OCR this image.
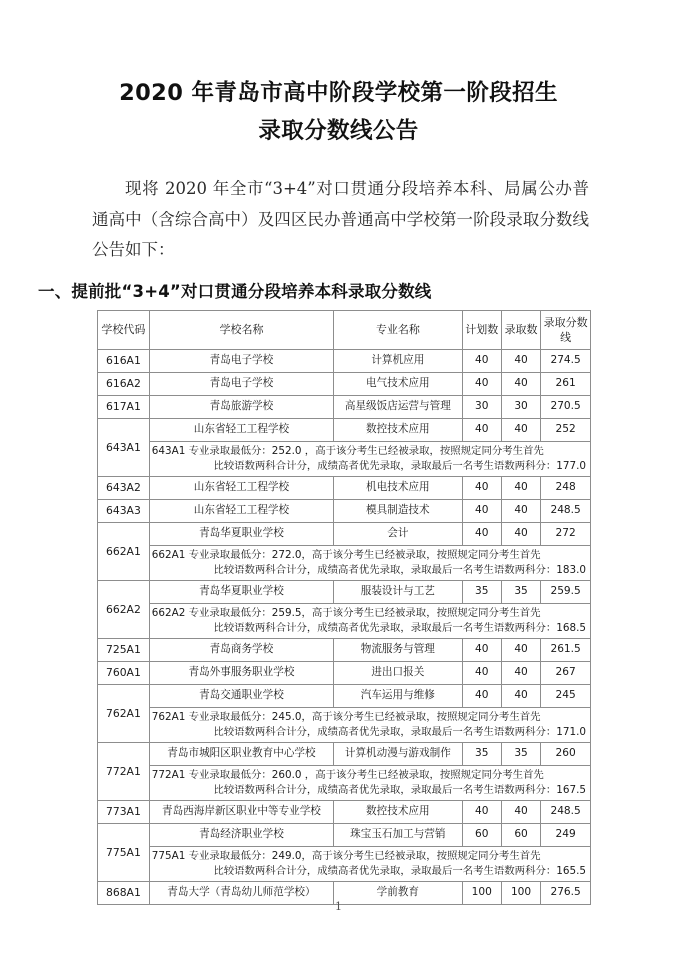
2020 年青岛市高中阶段学校第一阶段招生
录取分数线公告

现将 2020 年全市“3+4”对口贯通分段培养本科、局属公办普通高中（含综合高中）及四区民办普通高中学校第一阶段录取分数线公告如下：

一、提前批“3+4”对口贯通分段培养本科录取分数线
学校代码	学校名称	专业名称	计划数	录取数	录取分数线
616A1	青岛电子学校	计算机应用	40	40	274.5
616A2	青岛电子学校	电气技术应用	40	40	261
617A1	青岛旅游学校	高星级饭店运营与管理	30	30	270.5
643A1	山东省轻工工程学校	数控技术应用	40	40	252

	643A1 专业录取最低分：252.0 ，高于该分考生已经被录取，按照规定同分考生首先
比较语数两科合计分，成绩高者优先录取，录取最后一名考生语数两科分：177.0				

643A2	山东省轻工工程学校	机电技术应用	40	40	248
643A3	山东省轻工工程学校	模具制造技术	40	40	248.5
662A1	青岛华夏职业学校	会计	40	40	272

	662A1 专业录取最低分：272.0，高于该分考生已经被录取，按照规定同分考生首先
比较语数两科合计分，成绩高者优先录取，录取最后一名考生语数两科分：183.0				

662A2	青岛华夏职业学校	服装设计与工艺	35	35	259.5

	662A2 专业录取最低分：259.5，高于该分考生已经被录取，按照规定同分考生首先
比较语数两科合计分，成绩高者优先录取，录取最后一名考生语数两科分：168.5				

725A1	青岛商务学校	物流服务与管理	40	40	261.5
760A1	青岛外事服务职业学校	进出口报关	40	40	267
762A1	青岛交通职业学校	汽车运用与维修	40	40	245

	762A1 专业录取最低分：245.0，高于该分考生已经被录取，按照规定同分考生首先
比较语数两科合计分，成绩高者优先录取，录取最后一名考生语数两科分：171.0				

772A1	青岛市城阳区职业教育中心学校	计算机动漫与游戏制作	35	35	260

	772A1 专业录取最低分：260.0 ，高于该分考生已经被录取，按照规定同分考生首先
比较语数两科合计分，成绩高者优先录取，录取最后一名考生语数两科分：167.5				

773A1	青岛西海岸新区职业中等专业学校	数控技术应用	40	40	248.5
775A1	青岛经济职业学校	珠宝玉石加工与营销	60	60	249

	775A1 专业录取最低分：249.0，高于该分考生已经被录取，按照规定同分考生首先
比较语数两科合计分，成绩高者优先录取，录取最后一名考生语数两科分：165.5				

868A1	青岛大学（青岛幼儿师范学校）	学前教育	100	100	276.5
1
